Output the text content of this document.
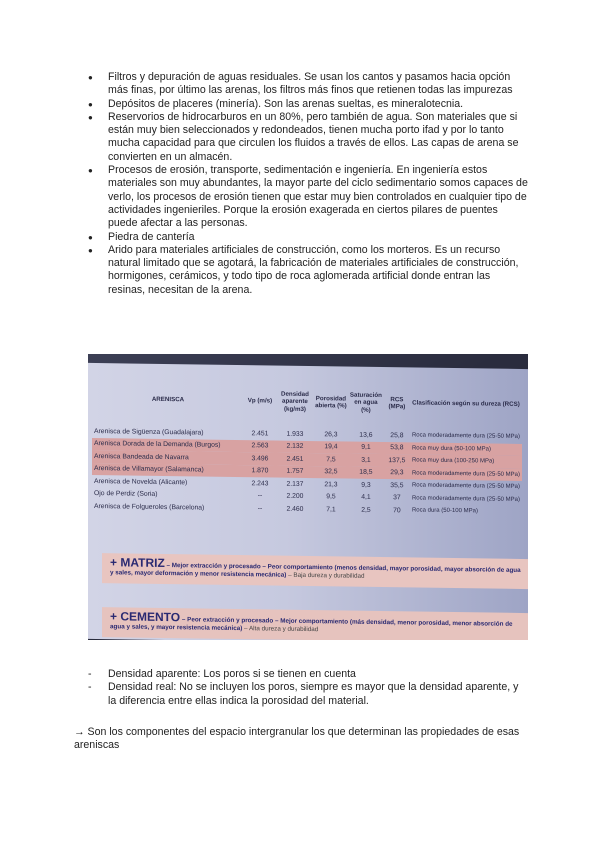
● Filtros y depuración de aguas residuales. Se usan los cantos y pasamos hacia opción más finas, por último las arenas, los filtros más finos que retienen todas las impurezas
● Depósitos de placeres (minería). Son las arenas sueltas, es mineralotecnia.
● Reservorios de hidrocarburos en un 80%, pero también de agua. Son materiales que si están muy bien seleccionados y redondeados, tienen mucha porto ifad y por lo tanto mucha capacidad para que circulen los fluidos a través de ellos. Las capas de arena se convierten en un almacén.
● Procesos de erosión, transporte, sedimentación e ingeniería. En ingeniería estos materiales son muy abundantes, la mayor parte del ciclo sedimentario somos capaces de verlo, los procesos de erosión tienen que estar muy bien controlados en cualquier tipo de actividades ingenieriles. Porque la erosión exagerada en ciertos pilares de puentes puede afectar a las personas.
● Piedra de cantería
● Arido para materiales artificiales de construcción, como los morteros. Es un recurso natural limitado que se agotará, la fabricación de materiales artificiales de construcción, hormigones, cerámicos, y todo tipo de roca aglomerada artificial donde entran las resinas, necesitan de la arena.
ARENISCA	Vp (m/s)	Densidad aparente (kg/m3)	Porosidad abierta (%)	Saturación en agua (%)	RCS (MPa)	Clasificación según su dureza (RCS)
Arenisca de Sigüenza (Guadalajara)	2.451	1.933	26,3	13,6	25,8	Roca moderadamente dura (25-50 MPa)
Arenisca Dorada de la Demanda (Burgos)	2.563	2.132	19,4	9,1	53,8	Roca muy dura (50-100 MPa)
Arenisca Bandeada de Navarra	3.496	2.451	7,5	3,1	137,5	Roca muy dura (100-250 MPa)
Arenisca de Villamayor (Salamanca)	1.870	1.757	32,5	18,5	29,3	Roca moderadamente dura (25-50 MPa)
Arenisca de Novelda (Alicante)	2.243	2.137	21,3	9,3	35,5	Roca moderadamente dura (25-50 MPa)
Ojo de Perdiz (Soria)	--	2.200	9,5	4,1	37	Roca moderadamente dura (25-50 MPa)
Arenisca de Folgueroles (Barcelona)	--	2.460	7,1	2,5	70	Roca dura (50-100 MPa)
+ MATRIZ – Mejor extracción y procesado – Peor comportamiento (menos densidad, mayor porosidad, mayor absorción de agua y sales, mayor deformación y menor resistencia mecánica) – Baja dureza y durabilidad
+ CEMENTO – Peor extracción y procesado – Mejor comportamiento (más densidad, menor porosidad, menor absorción de agua y sales, y mayor resistencia mecánica) – Alta dureza y durabilidad
- Densidad aparente: Los poros si se tienen en cuenta
- Densidad real: No se incluyen los poros, siempre es mayor que la densidad aparente, y la diferencia entre ellas indica la porosidad del material.

→ Son los componentes del espacio intergranular los que determinan las propiedades de esas areniscas
